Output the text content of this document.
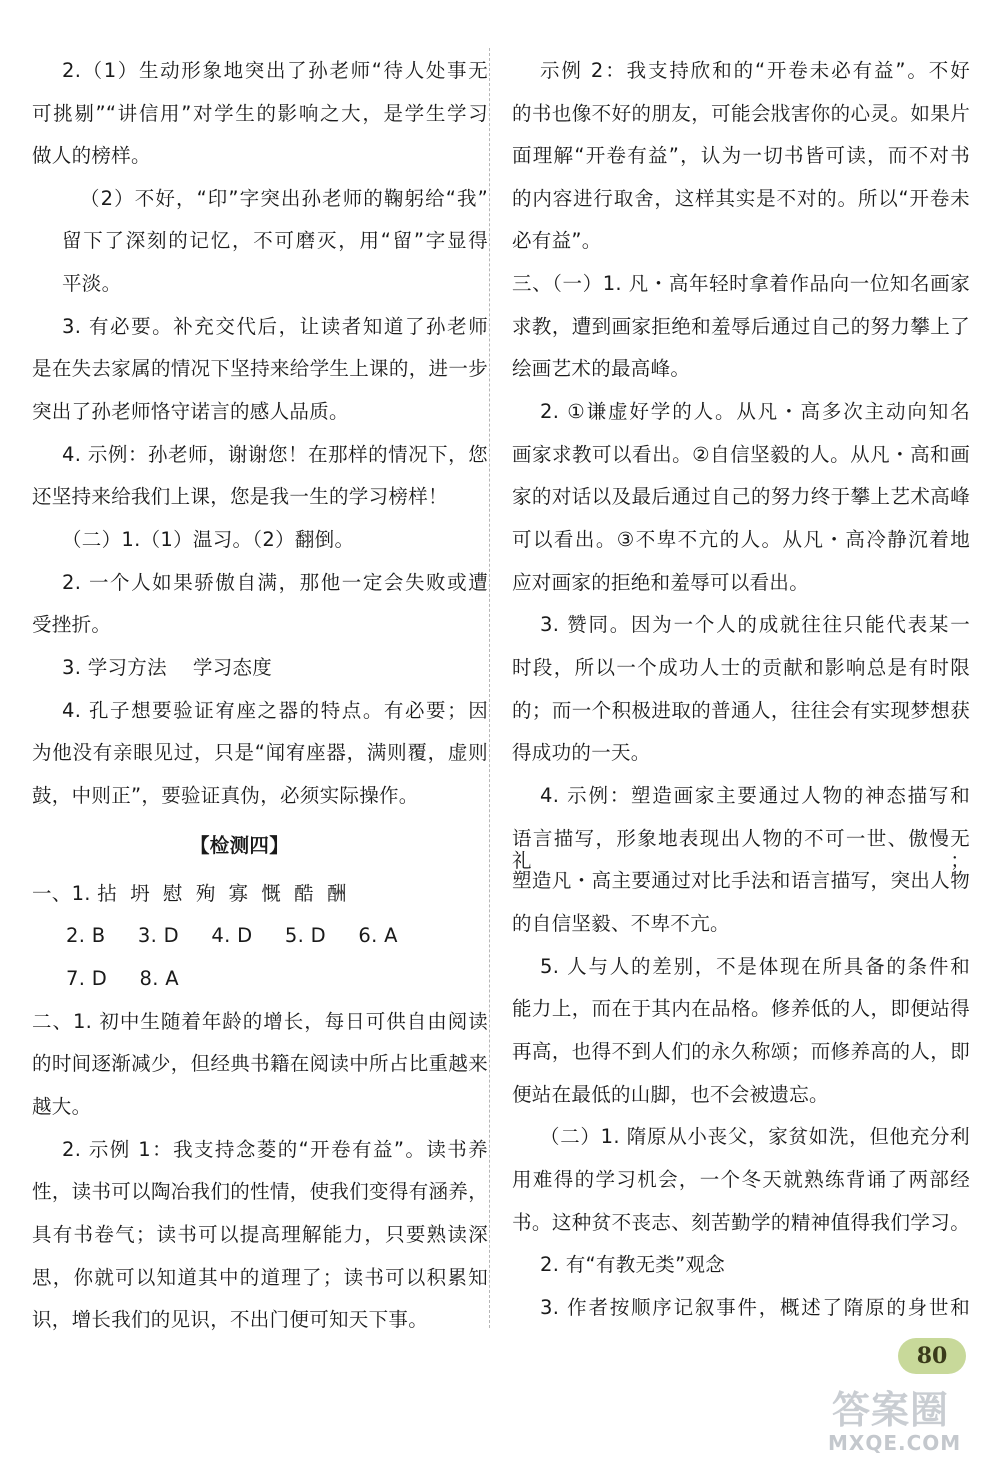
2.（1）生动形象地突出了孙老师“待人处事无
可挑剔”“讲信用”对学生的影响之大，是学生学习
做人的榜样。
（2）不好，“印”字突出孙老师的鞠躬给“我”
留下了深刻的记忆，不可磨灭，用“留”字显得
平淡。
3. 有必要。补充交代后，让读者知道了孙老师
是在失去家属的情况下坚持来给学生上课的，进一步
突出了孙老师恪守诺言的感人品质。
4. 示例：孙老师，谢谢您！在那样的情况下，您
还坚持来给我们上课，您是我一生的学习榜样！
（二）1.（1）温习。（2）翻倒。
2. 一个人如果骄傲自满，那他一定会失败或遭
受挫折。
3. 学习方法    学习态度
4. 孔子想要验证宥座之器的特点。有必要；因
为他没有亲眼见过，只是“闻宥座器，满则覆，虚则
鼓，中则正”，要验证真伪，必须实际操作。
【检测四】
一、1. 拈  坍  慰  殉  寡  慨  酷  酬
2. B     3. D     4. D     5. D     6. A
7. D     8. A
二、1. 初中生随着年龄的增长，每日可供自由阅读
的时间逐渐减少，但经典书籍在阅读中所占比重越来
越大。
2. 示例 1：我支持念菱的“开卷有益”。读书养
性，读书可以陶冶我们的性情，使我们变得有涵养，
具有书卷气；读书可以提高理解能力，只要熟读深
思，你就可以知道其中的道理了；读书可以积累知
识，增长我们的见识，不出门便可知天下事。
示例 2：我支持欣和的“开卷未必有益”。不好
的书也像不好的朋友，可能会戕害你的心灵。如果片
面理解“开卷有益”，认为一切书皆可读，而不对书
的内容进行取舍，这样其实是不对的。所以“开卷未
必有益”。
三、（一）1. 凡・高年轻时拿着作品向一位知名画家
求教，遭到画家拒绝和羞辱后通过自己的努力攀上了
绘画艺术的最高峰。
2. ①谦虚好学的人。从凡・高多次主动向知名
画家求教可以看出。②自信坚毅的人。从凡・高和画
家的对话以及最后通过自己的努力终于攀上艺术高峰
可以看出。③不卑不亢的人。从凡・高冷静沉着地
应对画家的拒绝和羞辱可以看出。
3. 赞同。因为一个人的成就往往只能代表某一
时段，所以一个成功人士的贡献和影响总是有时限
的；而一个积极进取的普通人，往往会有实现梦想获
得成功的一天。
4. 示例：塑造画家主要通过人物的神态描写和
语言描写，形象地表现出人物的不可一世、傲慢无礼；
塑造凡・高主要通过对比手法和语言描写，突出人物
的自信坚毅、不卑不亢。
5. 人与人的差别，不是体现在所具备的条件和
能力上，而在于其内在品格。修养低的人，即便站得
再高，也得不到人们的永久称颂；而修养高的人，即
便站在最低的山脚，也不会被遗忘。
（二）1. 隋原从小丧父，家贫如洗，但他充分利
用难得的学习机会，一个冬天就熟练背诵了两部经
书。这种贫不丧志、刻苦勤学的精神值得我们学习。
2. 有“有教无类”观念
3. 作者按顺序记叙事件，概述了隋原的身世和
80
答案圈
MXQE.COM
